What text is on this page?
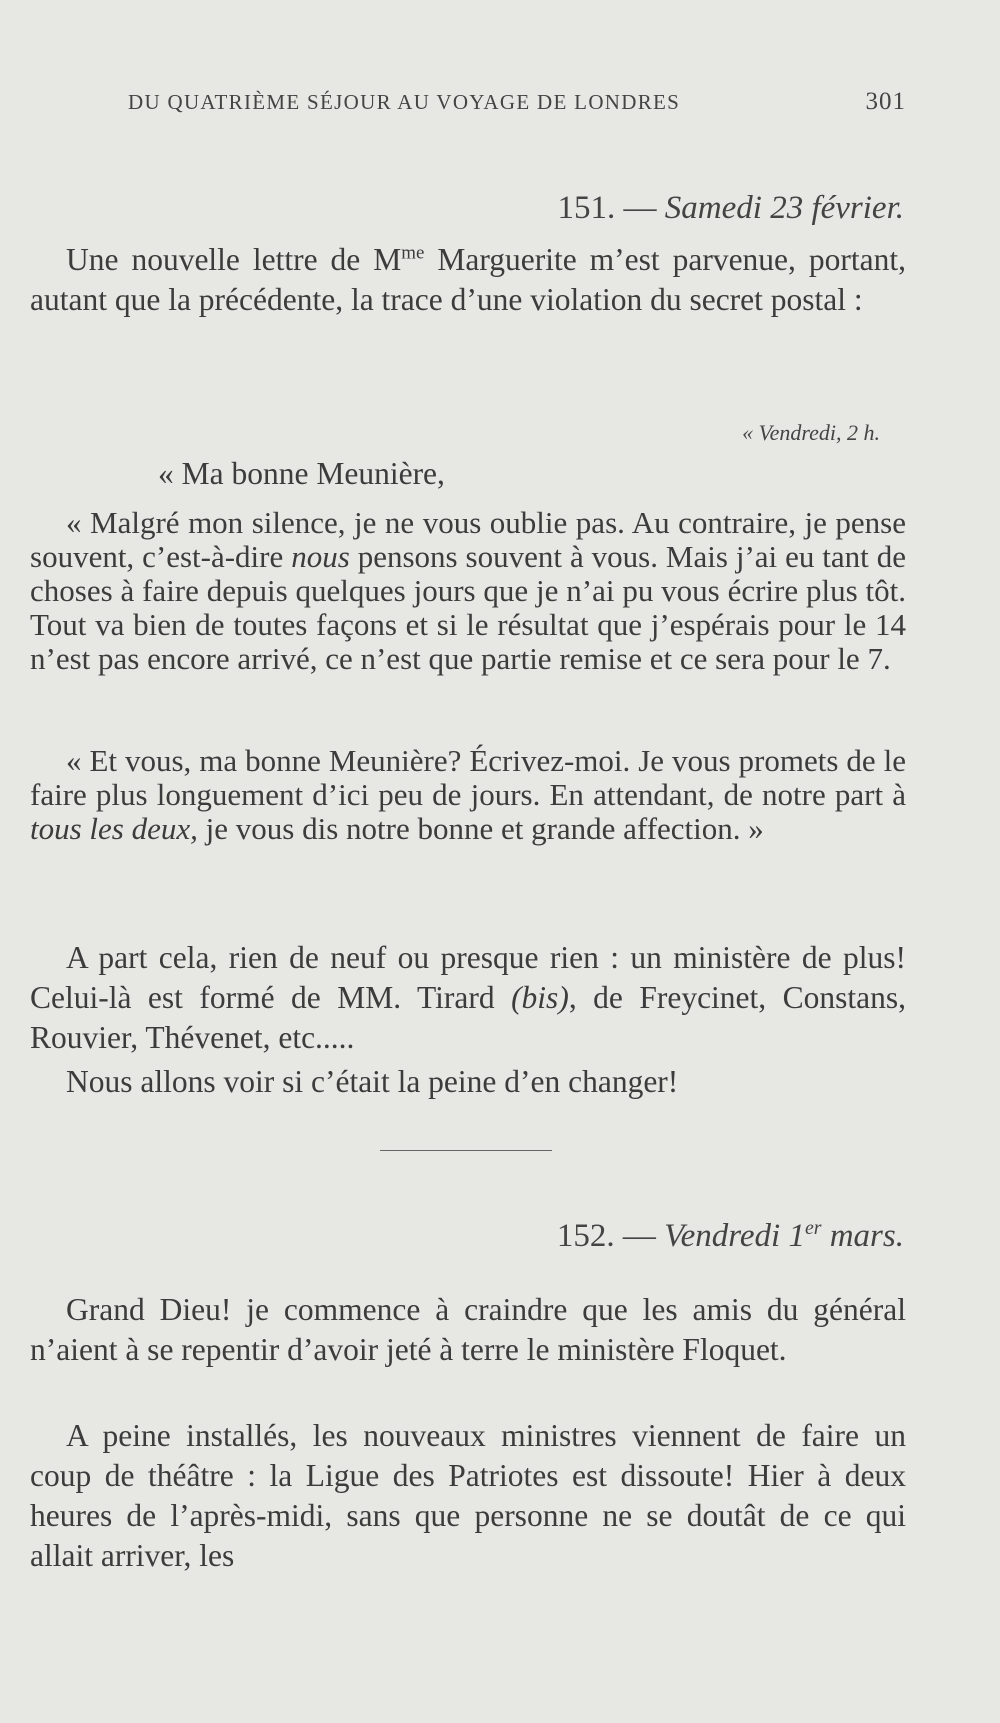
DU QUATRIÈME SÉJOUR AU VOYAGE DE LONDRES	301
151. — Samedi 23 février.
Une nouvelle lettre de $M^{me}$ Marguerite m’est parvenue, portant, autant que la précédente, la trace d’une violation du secret postal :
« Vendredi, 2 h.
« Ma bonne Meunière,
« Malgré mon silence, je ne vous oublie pas. Au contraire, je pense souvent, c’est-à-dire nous pensons souvent à vous. Mais j’ai eu tant de choses à faire depuis quelques jours que je n’ai pu vous écrire plus tôt. Tout va bien de toutes façons et si le résultat que j’espérais pour le 14 n’est pas encore arrivé, ce n’est que partie remise et ce sera pour le 7.
« Et vous, ma bonne Meunière? Écrivez-moi. Je vous promets de le faire plus longuement d’ici peu de jours. En attendant, de notre part à tous les deux, je vous dis notre bonne et grande affection. »
A part cela, rien de neuf ou presque rien : un ministère de plus! Celui-là est formé de MM. Tirard (bis), de Freycinet, Constans, Rouvier, Thévenet, etc.....
Nous allons voir si c’était la peine d’en changer!
152. — Vendredi 1er mars.
Grand Dieu! je commence à craindre que les amis du général n’aient à se repentir d’avoir jeté à terre le ministère Floquet.
A peine installés, les nouveaux ministres viennent de faire un coup de théâtre : la Ligue des Patriotes est dissoute! Hier à deux heures de l’après-midi, sans que personne ne se doutât de ce qui allait arriver, les
